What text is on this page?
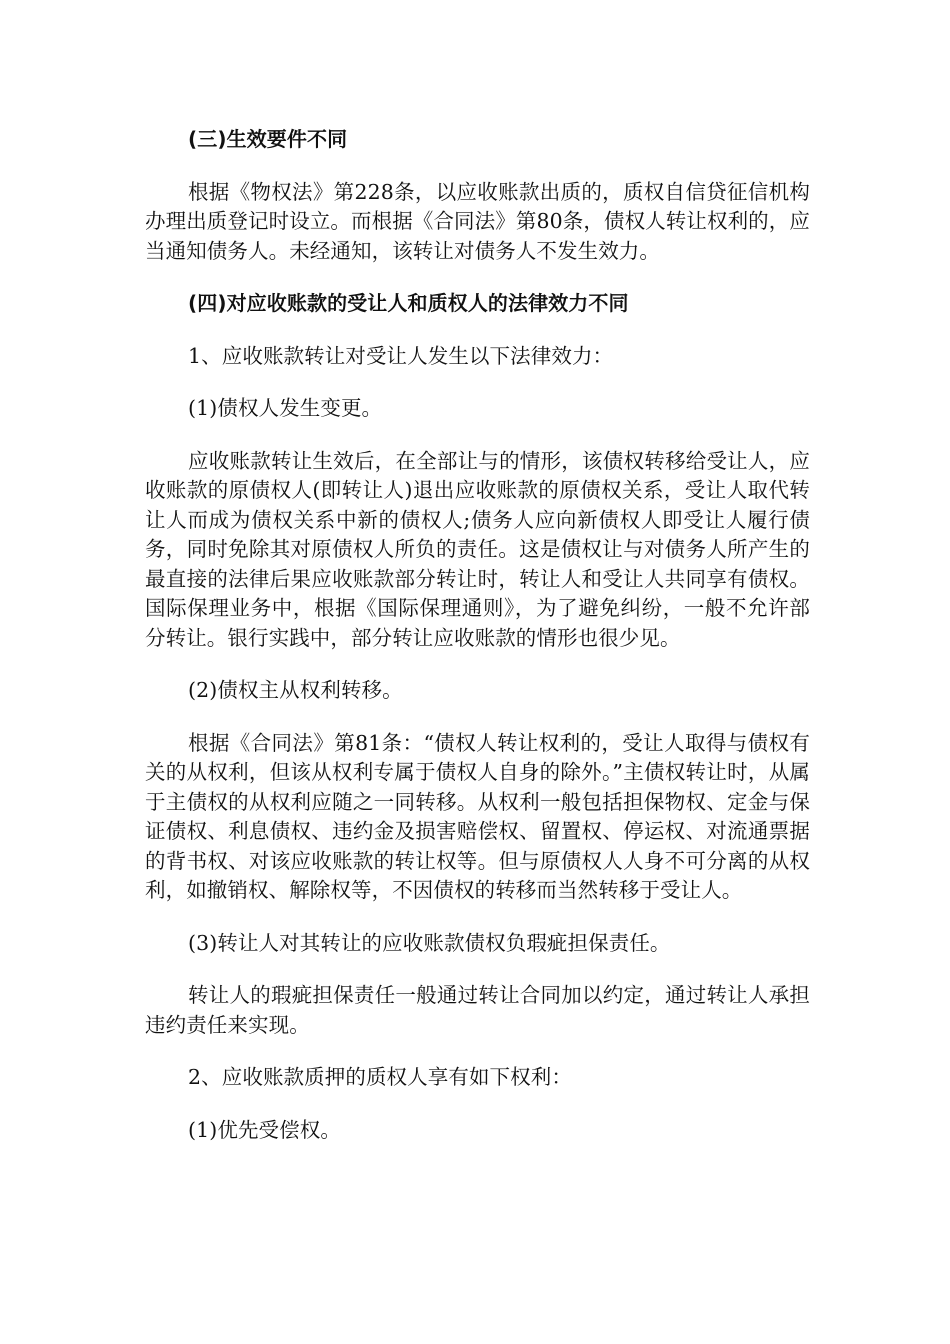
(三)生效要件不同

根据《物权法》第228条，以应收账款出质的，质权自信贷征信机构办理出质登记时设立。而根据《合同法》第80条，债权人转让权利的，应当通知债务人。未经通知，该转让对债务人不发生效力。

(四)对应收账款的受让人和质权人的法律效力不同

1、应收账款转让对受让人发生以下法律效力：

(1)债权人发生变更。

应收账款转让生效后，在全部让与的情形，该债权转移给受让人，应收账款的原债权人(即转让人)退出应收账款的原债权关系，受让人取代转让人而成为债权关系中新的债权人;债务人应向新债权人即受让人履行债务，同时免除其对原债权人所负的责任。这是债权让与对债务人所产生的最直接的法律后果应收账款部分转让时，转让人和受让人共同享有债权。国际保理业务中，根据《国际保理通则》，为了避免纠纷，一般不允许部分转让。银行实践中，部分转让应收账款的情形也很少见。

(2)债权主从权利转移。

根据《合同法》第81条：“债权人转让权利的，受让人取得与债权有关的从权利，但该从权利专属于债权人自身的除外。”主债权转让时，从属于主债权的从权利应随之一同转移。从权利一般包括担保物权、定金与保证债权、利息债权、违约金及损害赔偿权、留置权、停运权、对流通票据的背书权、对该应收账款的转让权等。但与原债权人人身不可分离的从权利，如撤销权、解除权等，不因债权的转移而当然转移于受让人。

(3)转让人对其转让的应收账款债权负瑕疵担保责任。

转让人的瑕疵担保责任一般通过转让合同加以约定，通过转让人承担违约责任来实现。

2、应收账款质押的质权人享有如下权利：

(1)优先受偿权。
